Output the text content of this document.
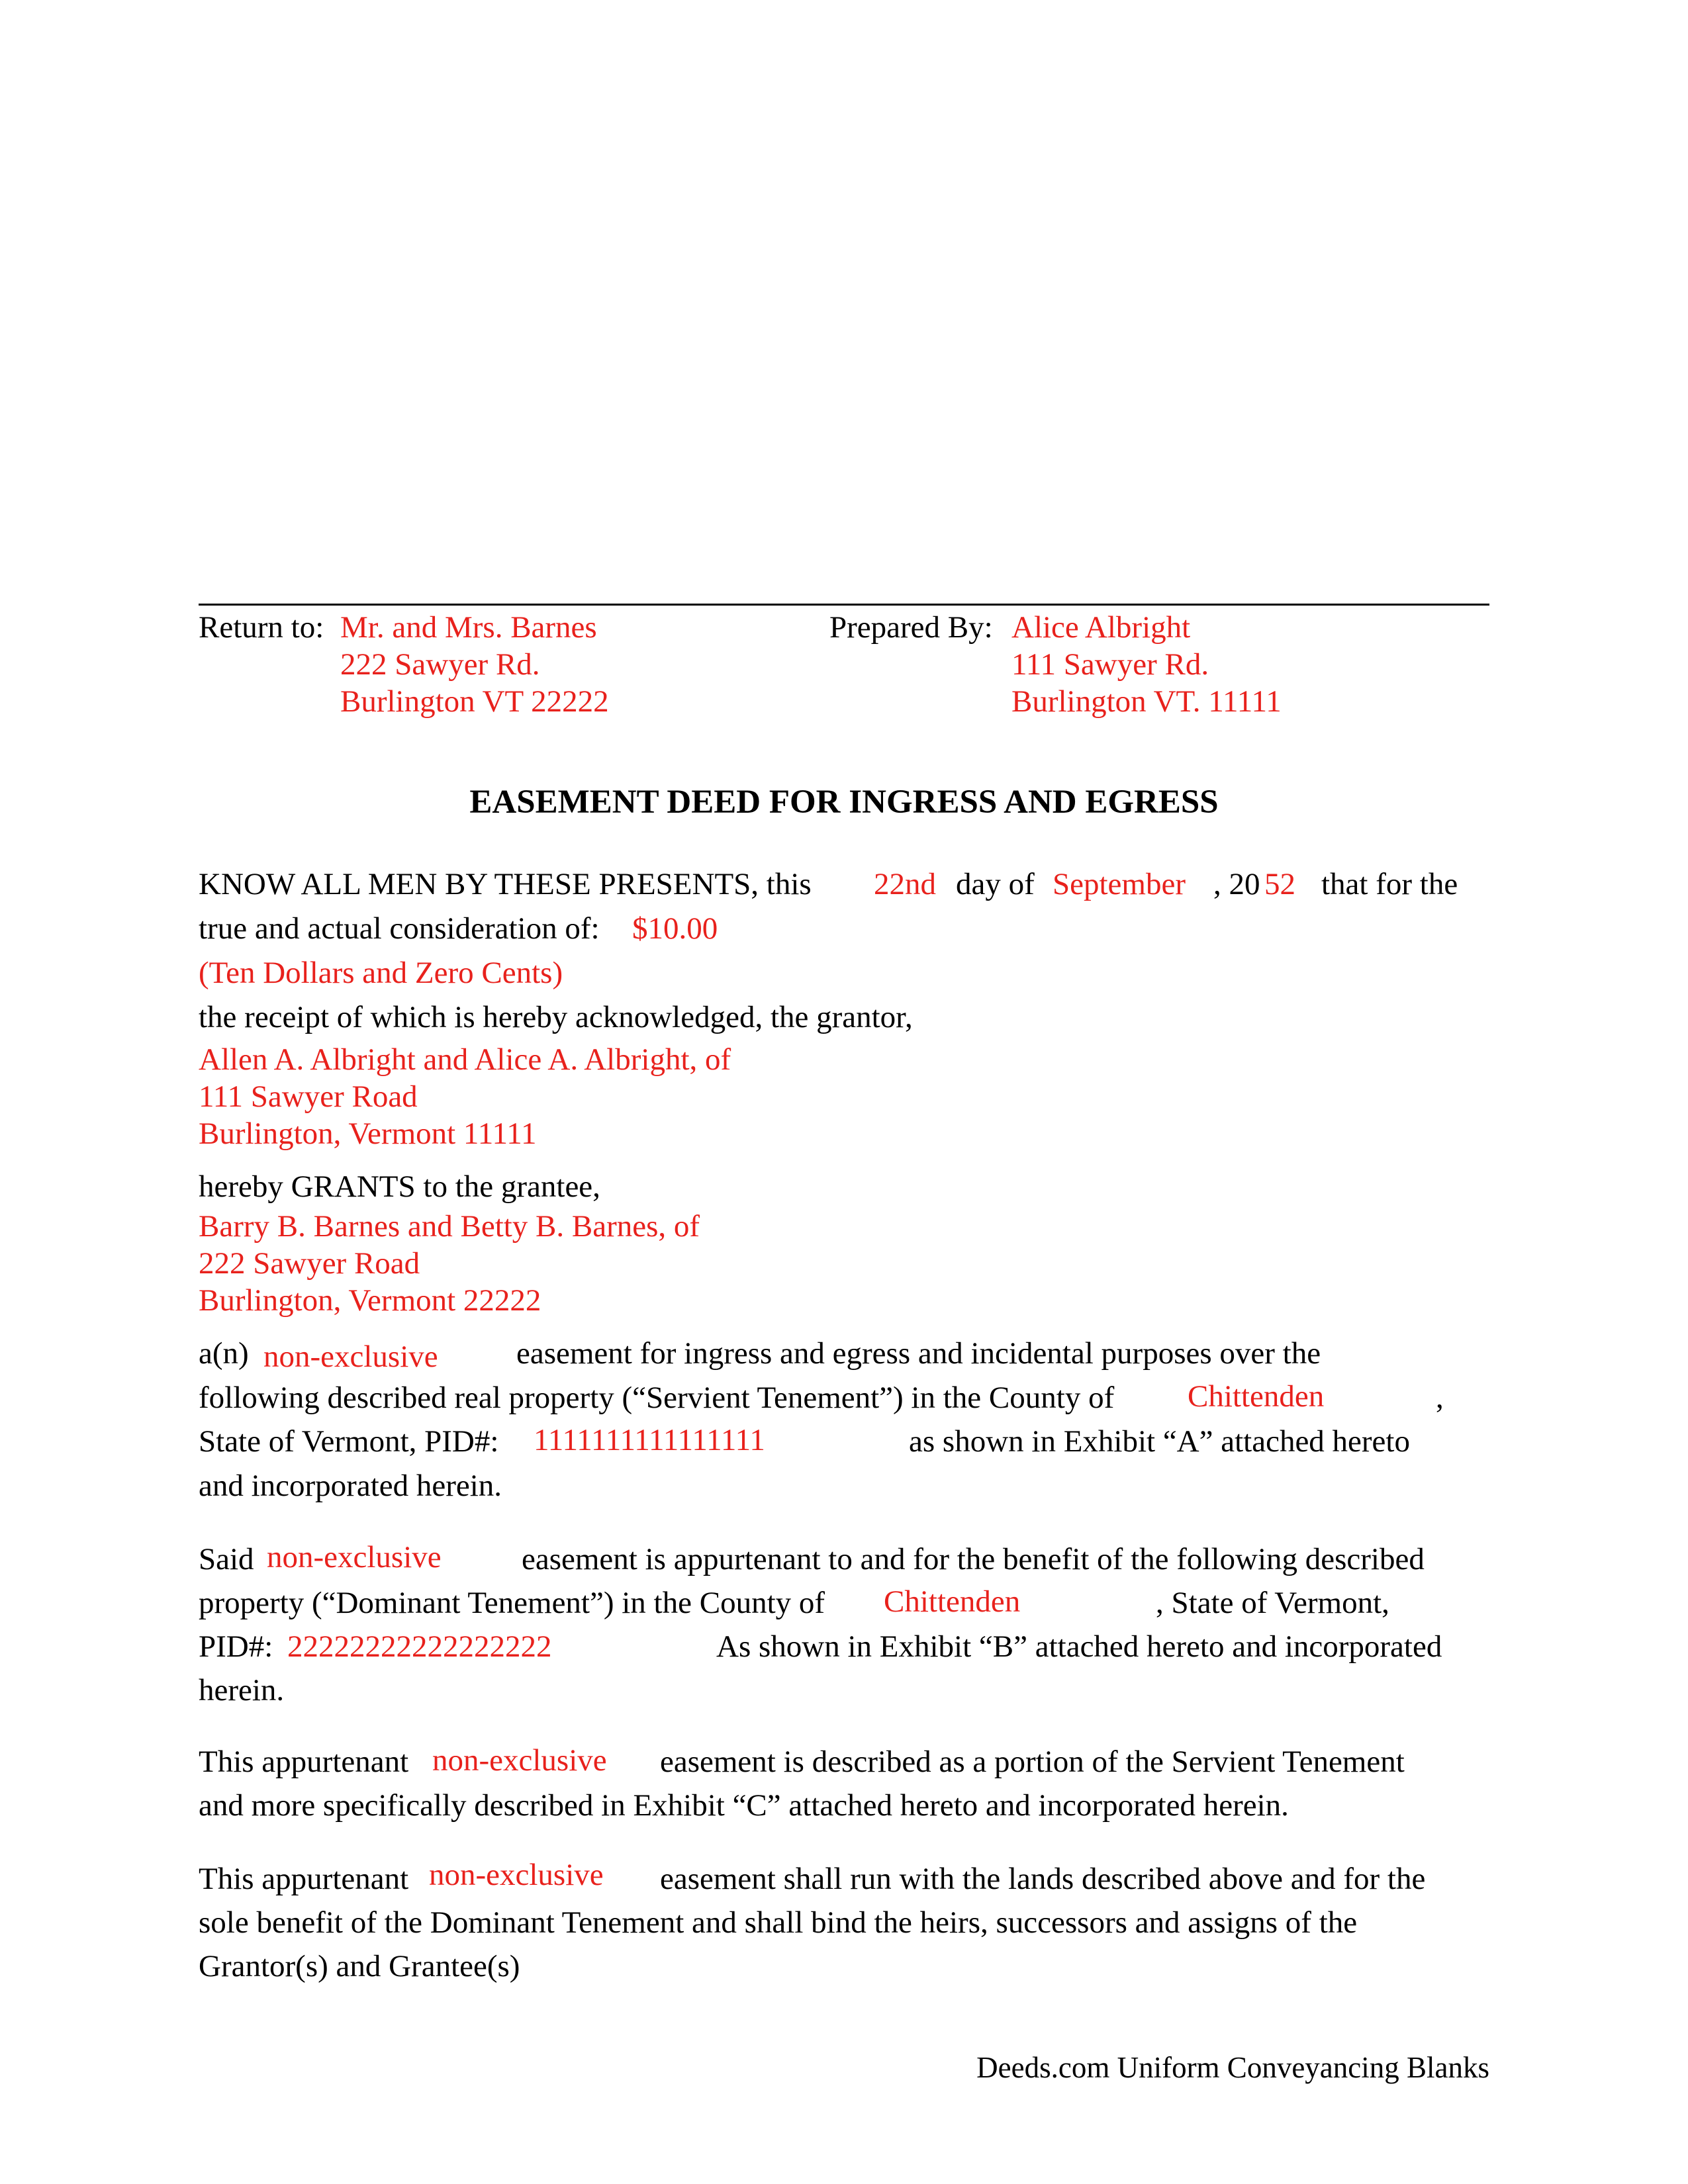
Return to: Mr. and Mrs. Barnes
222 Sawyer Rd.
Burlington VT 22222
Prepared By: Alice Albright
111 Sawyer Rd.
Burlington VT. 11111
EASEMENT DEED FOR INGRESS AND EGRESS
KNOW ALL MEN BY THESE PRESENTS, this 22nd day of September , 20 52 that for the
true and actual consideration of: $10.00
(Ten Dollars and Zero Cents)
the receipt of which is hereby acknowledged, the grantor,
Allen A. Albright and Alice A. Albright, of
111 Sawyer Road
Burlington, Vermont 11111
hereby GRANTS to the grantee,
Barry B. Barnes and Betty B. Barnes, of
222 Sawyer Road
Burlington, Vermont 22222
a(n) non-exclusive	easement for ingress and egress and incidental purposes over the
following described real property (“Servient Tenement”) in the County of Chittenden	,
State of Vermont, PID#: 1111111111111111	as shown in Exhibit “A” attached hereto
and incorporated herein.
Said non-exclusive	easement is appurtenant to and for the benefit of the following described
property (“Dominant Tenement”) in the County of Chittenden	, State of Vermont,
PID#: 22222222222222222	As shown in Exhibit “B” attached hereto and incorporated
herein.
This appurtenant non-exclusive easement is described as a portion of the Servient Tenement
and more specifically described in Exhibit “C” attached hereto and incorporated herein.
This appurtenant non-exclusive easement shall run with the lands described above and for the
sole benefit of the Dominant Tenement and shall bind the heirs, successors and assigns of the
Grantor(s) and Grantee(s)
Deeds.com Uniform Conveyancing Blanks
